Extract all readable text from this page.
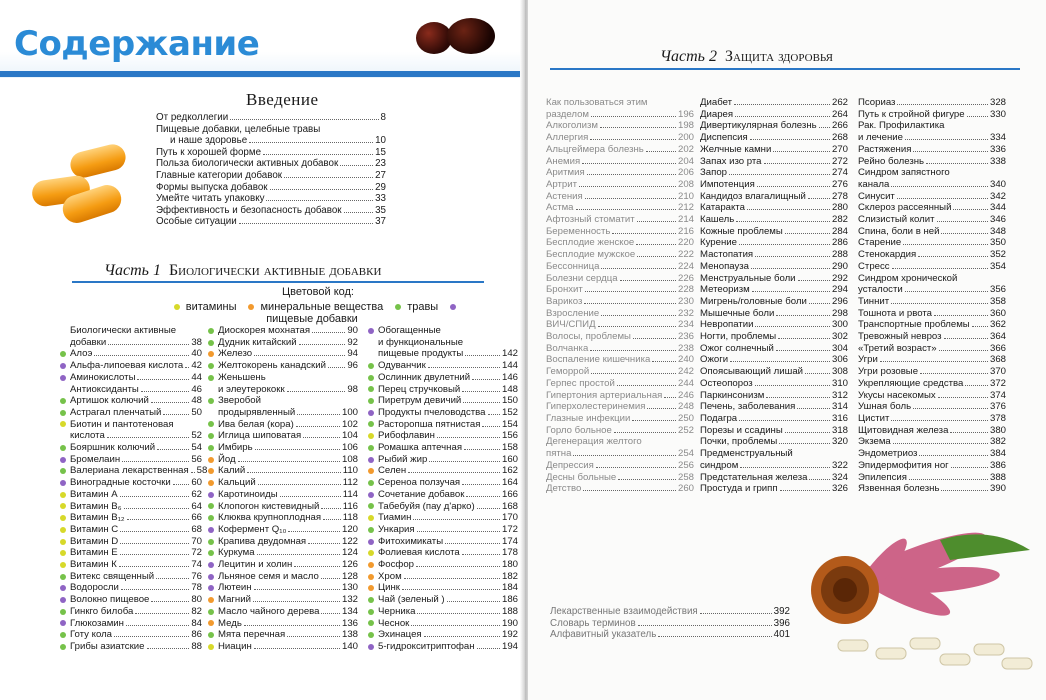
Содержание
Введение
От редколлегии	8
Пищевые добавки, целебные травы
и наше здоровье	10
Путь к хорошей форме	15
Польза биологически активных добавок	23
Главные категории добавок	27
Формы выпуска добавок	29
Умейте читать упаковку	33
Эффективность и безопасность добавок	35
Особые ситуации	37
Часть 1 Биологически активные добавки
Цветовой код:
витамины минеральные вещества травыпищевые добавки
Биологически активные
добавки	38
Алоэ	40
Альфа-липоевая кислота 42
Аминокислоты	44
Антиоксиданты	46
Артишок колючий	48
Астрагал пленчатый	50
Биотин и пантотеновая
кислота	52
Бояршник колючий	54
Бромелаин	56
Валериана лекарственная 58
Виноградные косточки 60
Витамин А	62
Витамин B₆	64
Витамин B₁₂	66
Витамин С	68
Витамин D	70
Витамин Е	72
Витамин К	74
Витекс священный	76
Водоросли	78
Волокно пищевое	80
Гинкго билоба	82
Глюкозамин	84
Готу кола	86
Грибы азиатские	88
Диоскорея мохнатая	90
Дудник китайский	92
Железо	94
Желтокорень канадский 96
Женьшень
и элеутерококк	98
Зверобой
продырявленный	100
Ива белая (кора)	102
Иглица шиповатая	104
Имбирь	106
Йод	108
Калий	110
Кальций	112
Каротиноиды	114
Клопогон кистевидный 116
Клюква крупноплодная 118
Кофермент Q₁₀	120
Крапива двудомная	122
Куркума	124
Лецитин и холин	126
Льняное семя и масло 128
Лютеин	130
Магний	132
Масло чайного дерева 134
Медь	136
Мята перечная	138
Ниацин	140
Обогащенные
и функциональные
пищевые продукты	142
Одуванчик	144
Ослинник двулетний	146
Перец стручковый	148
Пиретрум девичий	150
Продукты пчеловодства 152
Расторопша пятнистая 154
Рибофлавин	156
Ромашка аптечная	158
Рыбий жир	160
Селен	162
Сереноа ползучая	164
Сочетание добавок	166
Табебуйя (пау д'арко)	168
Тиамин	170
Ункария	172
Фитохимикаты	174
Фолиевая кислота	178
Фосфор	180
Хром	182
Цинк	184
Чай (зеленый )	186
Черника	188
Чеснок	190
Эхинацея	192
5-гидрокситриптофан	194
Часть 2 Защита здоровья
Как пользоваться этим
разделом	196
Алкоголизм	198
Аллергия	200
Альцгеймера болезнь	202
Анемия	204
Аритмия	206
Артрит	208
Астения	210
Астма	212
Афтозный стоматит	214
Беременность	216
Бесплодие женское	220
Бесплодие мужское	222
Бессонница	224
Болезни сердца	226
Бронхит	228
Варикоз	230
Взросление	232
ВИЧ/СПИД	234
Волосы, проблемы	236
Волчанка	238
Воспаление кишечника	240
Геморрой	242
Герпес простой	244
Гипертония артериальная 246
Гиперхолестеринемия	248
Глазные инфекции	250
Горло больное	252
Дегенерация желтого
пятна	254
Депрессия	256
Десны больные	258
Детство	260
Диабет	262
Диарея	264
Дивертикулярная болезнь 266
Диспепсия	268
Желчные камни	270
Запах изо рта	272
Запор	274
Импотенция	276
Кандидоз влагалищный	278
Катаракта	280
Кашель	282
Кожные проблемы	284
Курение	286
Мастопатия	288
Менопауза	290
Менструальные боли	292
Метеоризм	294
Мигрень/головные боли	296
Мышечные боли	298
Невропатии	300
Ногти, проблемы	302
Ожог солнечный	304
Ожоги	306
Опоясывающий лишай	308
Остеопороз	310
Паркинсонизм	312
Печень, заболевания	314
Подагра	316
Порезы и ссадины	318
Почки, проблемы	320
Предменструальный
синдром	322
Предстательная железа	324
Простуда и грипп	326
Псориаз	328
Путь к стройной фигуре	330
Рак. Профилактика
и лечение	334
Растяжения	336
Рейно болезнь	338
Синдром запястного
канала	340
Синусит	342
Склероз рассеянный	344
Слизистый колит	346
Спина, боли в ней	348
Старение	350
Стенокардия	352
Стресс	354
Синдром хронической
усталости	356
Тиннит	358
Тошнота и рвота	360
Транспортные проблемы 362
Тревожный невроз	364
«Третий возраст»	366
Угри	368
Угри розовые	370
Укрепляющие средства	372
Укусы насекомых	374
Ушная боль	376
Цистит	378
Щитовидная железа	380
Экзема	382
Эндометриоз	384
Эпидермофития ног	386
Эпилепсия	388
Язвенная болезнь	390
Лекарственные взаимодействия	392
Словарь терминов	396
Алфавитный указатель	401
